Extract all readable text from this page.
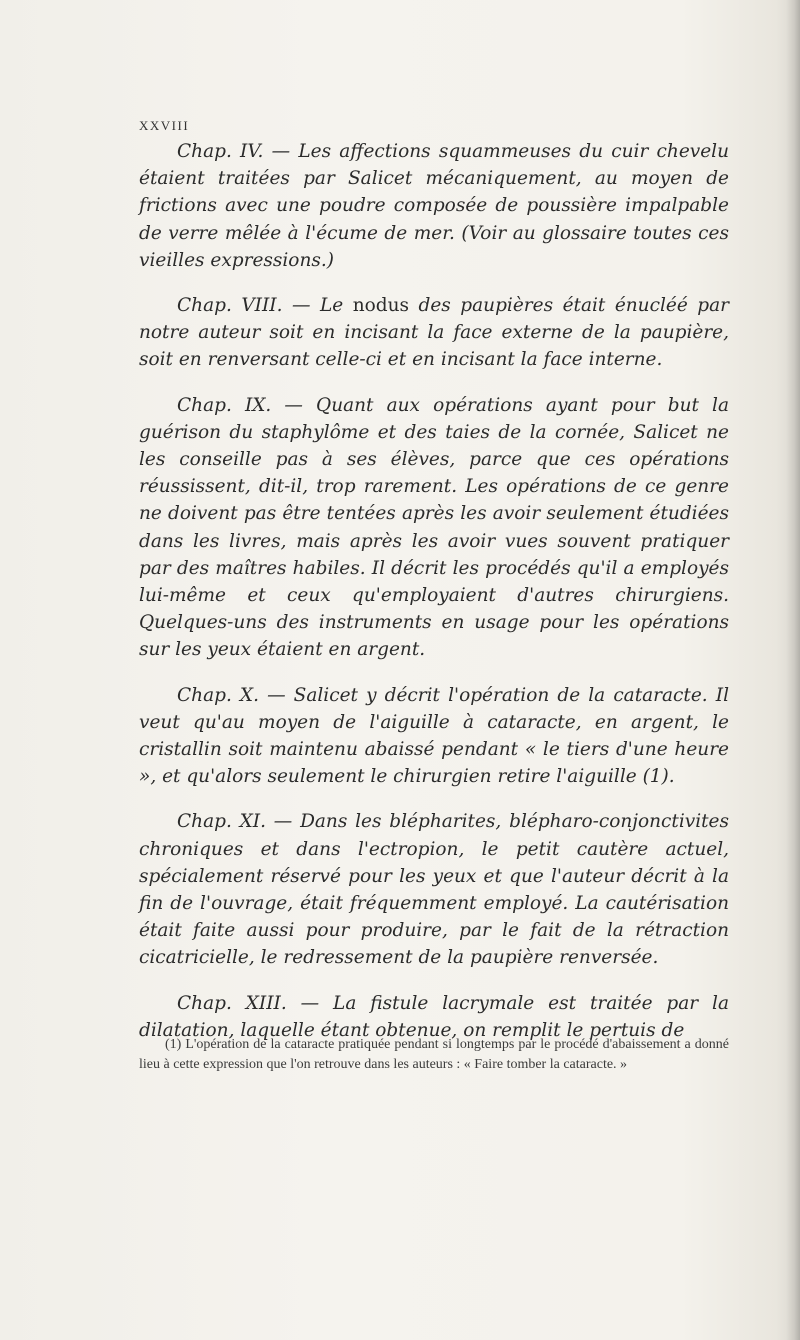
XXVIII

Chap. IV. — Les affections squammeuses du cuir chevelu étaient traitées par Salicet mécaniquement, au moyen de frictions avec une poudre composée de poussière impalpable de verre mêlée à l'écume de mer. (Voir au glossaire toutes ces vieilles expressions.)

Chap. VIII. — Le nodus des paupières était énucléé par notre auteur soit en incisant la face externe de la paupière, soit en renversant celle-ci et en incisant la face interne.

Chap. IX. — Quant aux opérations ayant pour but la guérison du staphylôme et des taies de la cornée, Salicet ne les conseille pas à ses élèves, parce que ces opérations réussissent, dit-il, trop rarement. Les opérations de ce genre ne doivent pas être tentées après les avoir seulement étudiées dans les livres, mais après les avoir vues souvent pratiquer par des maîtres habiles. Il décrit les procédés qu'il a employés lui-même et ceux qu'employaient d'autres chirurgiens. Quelques-uns des instruments en usage pour les opérations sur les yeux étaient en argent.

Chap. X. — Salicet y décrit l'opération de la cataracte. Il veut qu'au moyen de l'aiguille à cataracte, en argent, le cristallin soit maintenu abaissé pendant « le tiers d'une heure », et qu'alors seulement le chirurgien retire l'aiguille (1).

Chap. XI. — Dans les blépharites, blépharo-conjonctivites chroniques et dans l'ectropion, le petit cautère actuel, spécialement réservé pour les yeux et que l'auteur décrit à la fin de l'ouvrage, était fréquemment employé. La cautérisation était faite aussi pour produire, par le fait de la rétraction cicatricielle, le redressement de la paupière renversée.

Chap. XIII. — La fistule lacrymale est traitée par la dilatation, laquelle étant obtenue, on remplit le pertuis de

(1) L'opération de la cataracte pratiquée pendant si longtemps par le procédé d'abaissement a donné lieu à cette expression que l'on retrouve dans les auteurs : « Faire tomber la cataracte. »
